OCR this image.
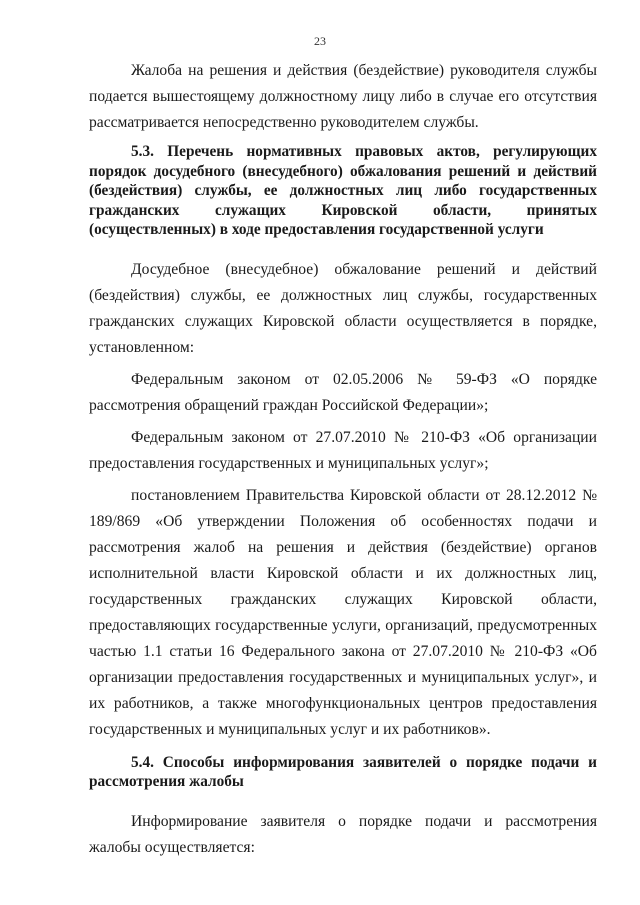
23

Жалоба на решения и действия (бездействие) руководителя службы подается вышестоящему должностному лицу либо в случае его отсутствия рассматривается непосредственно руководителем службы.

5.3. Перечень нормативных правовых актов, регулирующих порядок досудебного (внесудебного) обжалования решений и действий (бездействия) службы, ее должностных лиц либо государственных гражданских служащих Кировской области, принятых (осуществленных) в ходе предоставления государственной услуги

Досудебное (внесудебное) обжалование решений и действий (бездействия) службы, ее должностных лиц службы, государственных гражданских служащих Кировской области осуществляется в порядке, установленном:

Федеральным законом от 02.05.2006 № 59-ФЗ «О порядке рассмотрения обращений граждан Российской Федерации»;

Федеральным законом от 27.07.2010 № 210-ФЗ «Об организации предоставления государственных и муниципальных услуг»;

постановлением Правительства Кировской области от 28.12.2012 № 189/869 «Об утверждении Положения об особенностях подачи и рассмотрения жалоб на решения и действия (бездействие) органов исполнительной власти Кировской области и их должностных лиц, государственных гражданских служащих Кировской области, предоставляющих государственные услуги, организаций, предусмотренных частью 1.1 статьи 16 Федерального закона от 27.07.2010 № 210-ФЗ «Об организации предоставления государственных и муниципальных услуг», и их работников, а также многофункциональных центров предоставления государственных и муниципальных услуг и их работников».

5.4. Способы информирования заявителей о порядке подачи и рассмотрения жалобы

Информирование заявителя о порядке подачи и рассмотрения жалобы осуществляется:
